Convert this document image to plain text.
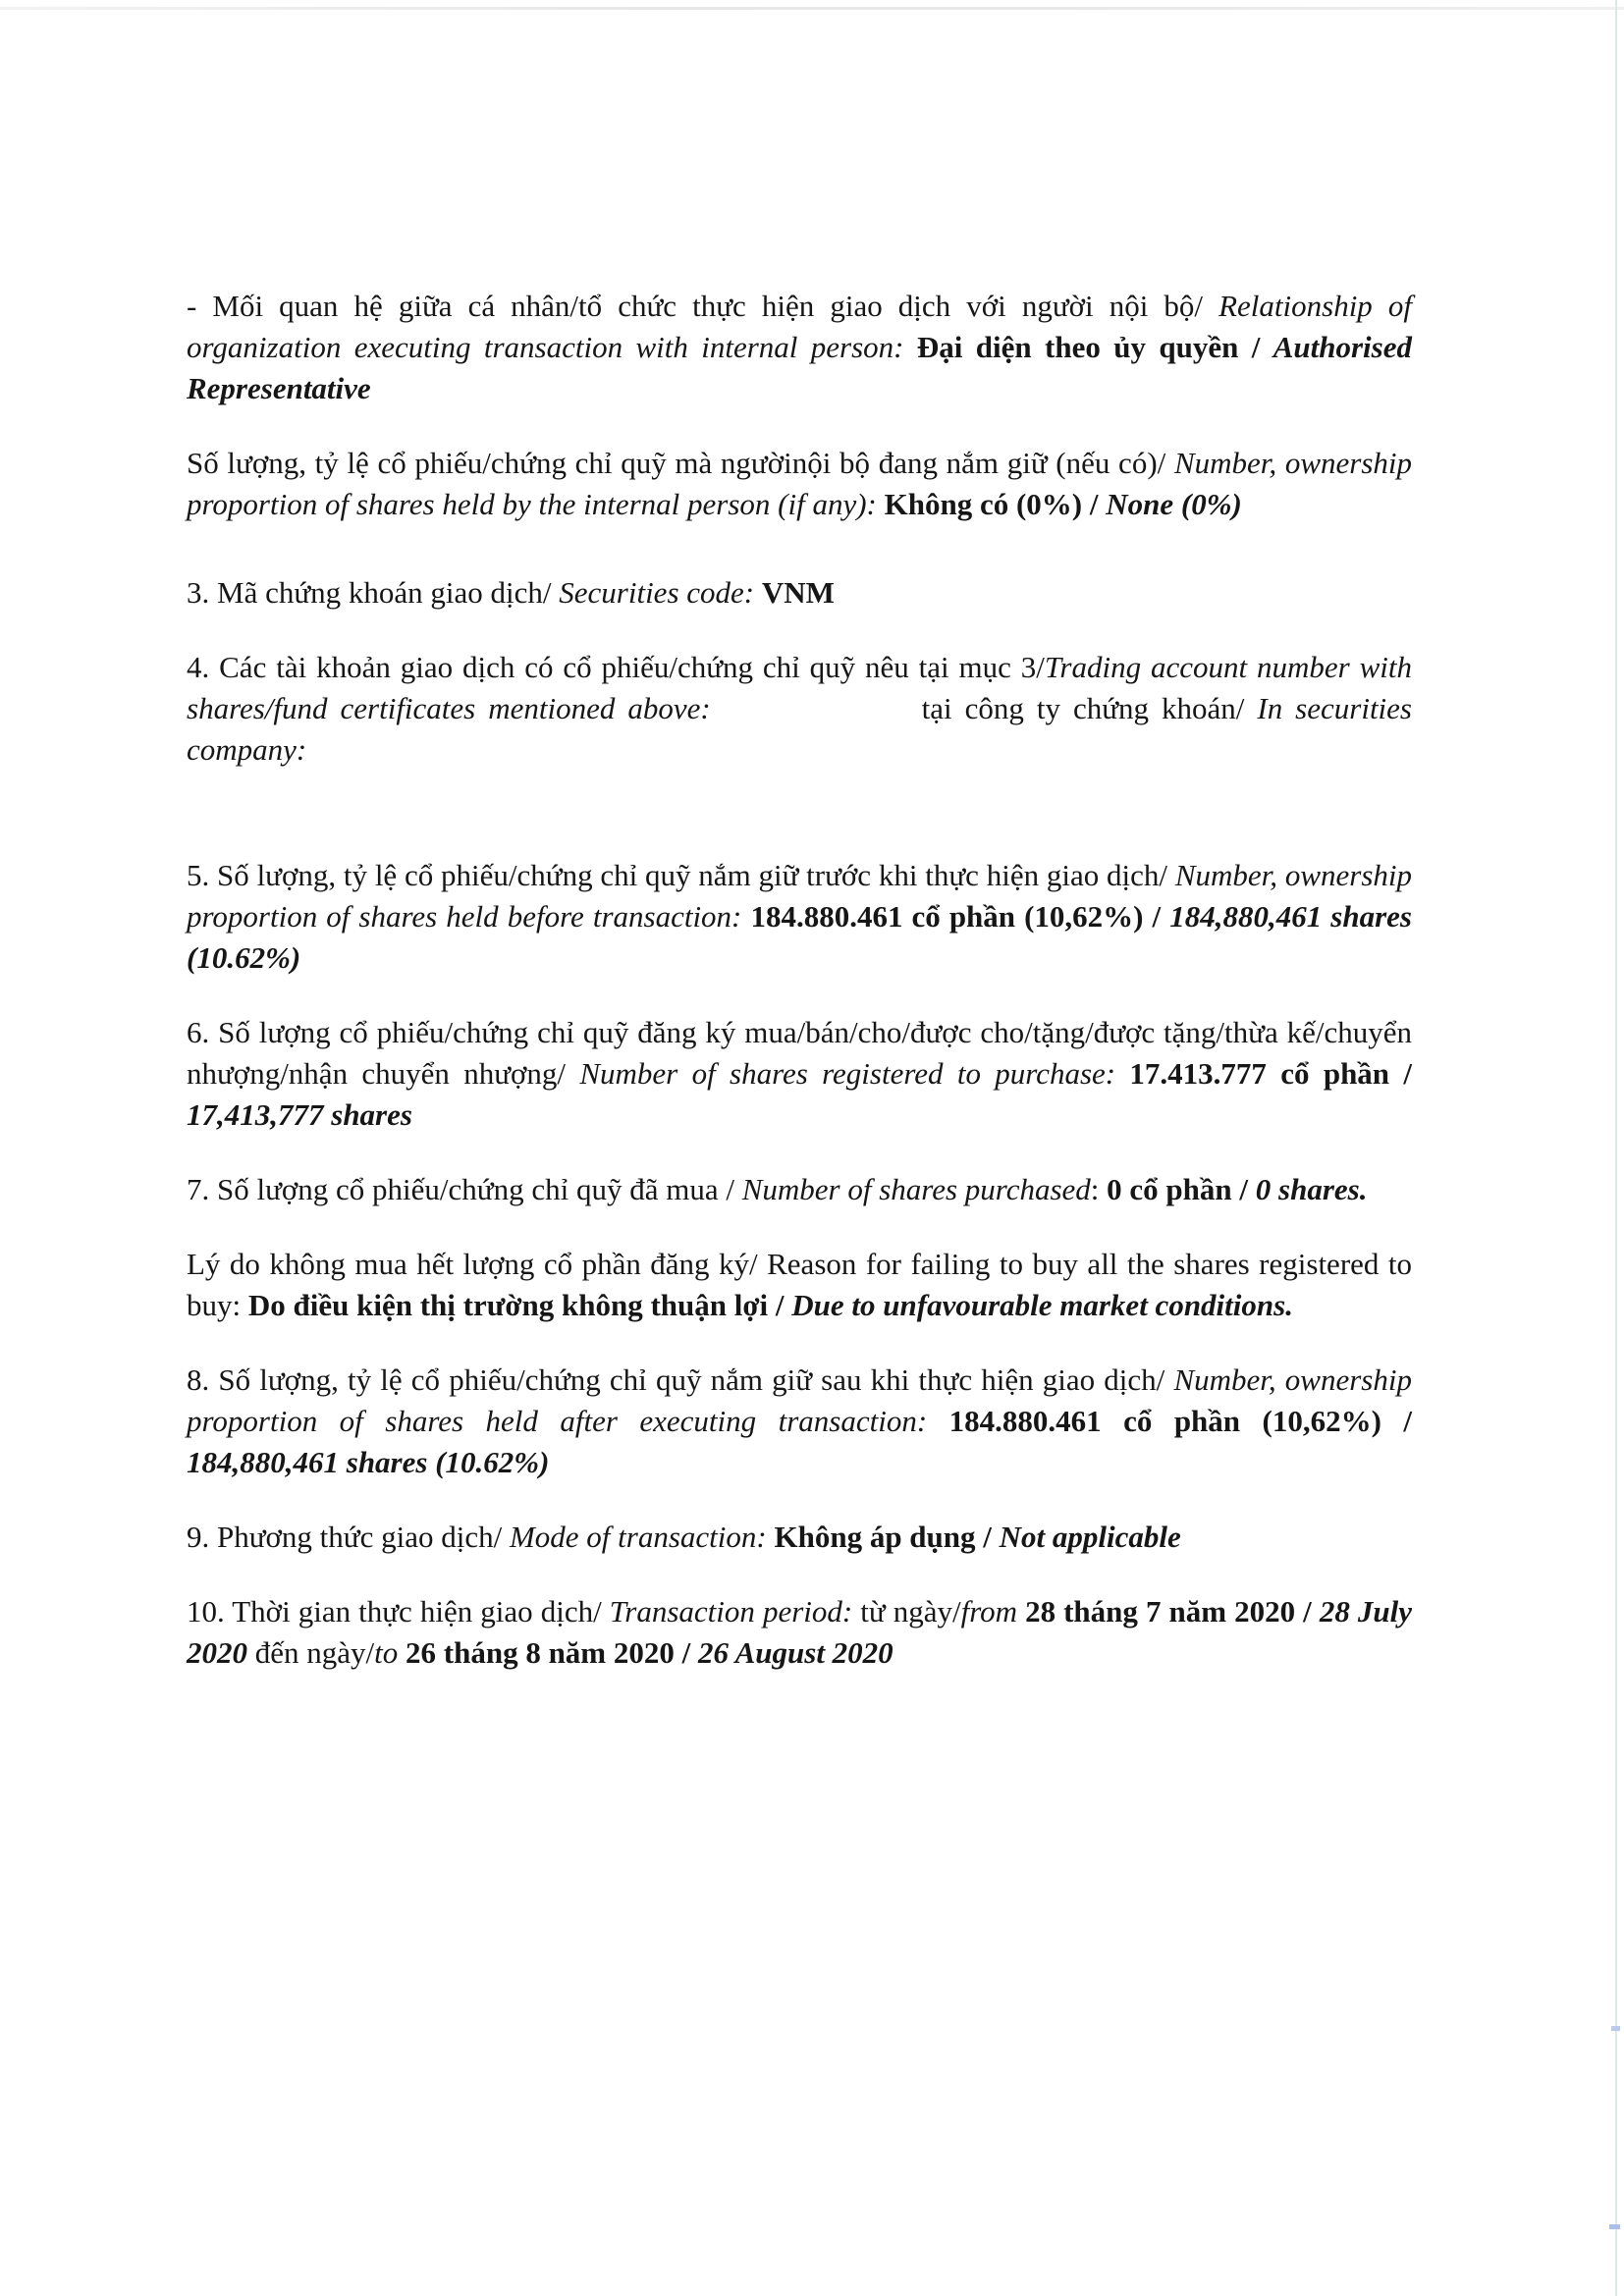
- Mối quan hệ giữa cá nhân/tổ chức thực hiện giao dịch với người nội bộ/ Relationship of organization executing transaction with internal person: Đại diện theo ủy quyền / Authorised Representative

Số lượng, tỷ lệ cổ phiếu/chứng chỉ quỹ mà ngườinội bộ đang nắm giữ (nếu có)/ Number, ownership proportion of shares held by the internal person (if any): Không có (0%) / None (0%)

3. Mã chứng khoán giao dịch/ Securities code: VNM

4. Các tài khoản giao dịch có cổ phiếu/chứng chỉ quỹ nêu tại mục 3/Trading account number with shares/fund certificates mentioned above:	tại công ty chứng khoán/ In securities company:

5. Số lượng, tỷ lệ cổ phiếu/chứng chỉ quỹ nắm giữ trước khi thực hiện giao dịch/ Number, ownership proportion of shares held before transaction: 184.880.461 cổ phần (10,62%) / 184,880,461 shares (10.62%)

6. Số lượng cổ phiếu/chứng chỉ quỹ đăng ký mua/bán/cho/được cho/tặng/được tặng/thừa kế/chuyển nhượng/nhận chuyển nhượng/ Number of shares registered to purchase: 17.413.777 cổ phần / 17,413,777 shares

7. Số lượng cổ phiếu/chứng chỉ quỹ đã mua / Number of shares purchased: 0 cổ phần / 0 shares.

Lý do không mua hết lượng cổ phần đăng ký/ Reason for failing to buy all the shares registered to buy: Do điều kiện thị trường không thuận lợi / Due to unfavourable market conditions.

8. Số lượng, tỷ lệ cổ phiếu/chứng chỉ quỹ nắm giữ sau khi thực hiện giao dịch/ Number, ownership proportion of shares held after executing transaction: 184.880.461 cổ phần (10,62%) / 184,880,461 shares (10.62%)

9. Phương thức giao dịch/ Mode of transaction: Không áp dụng / Not applicable

10. Thời gian thực hiện giao dịch/ Transaction period: từ ngày/from 28 tháng 7 năm 2020 / 28 July 2020 đến ngày/to 26 tháng 8 năm 2020 / 26 August 2020
